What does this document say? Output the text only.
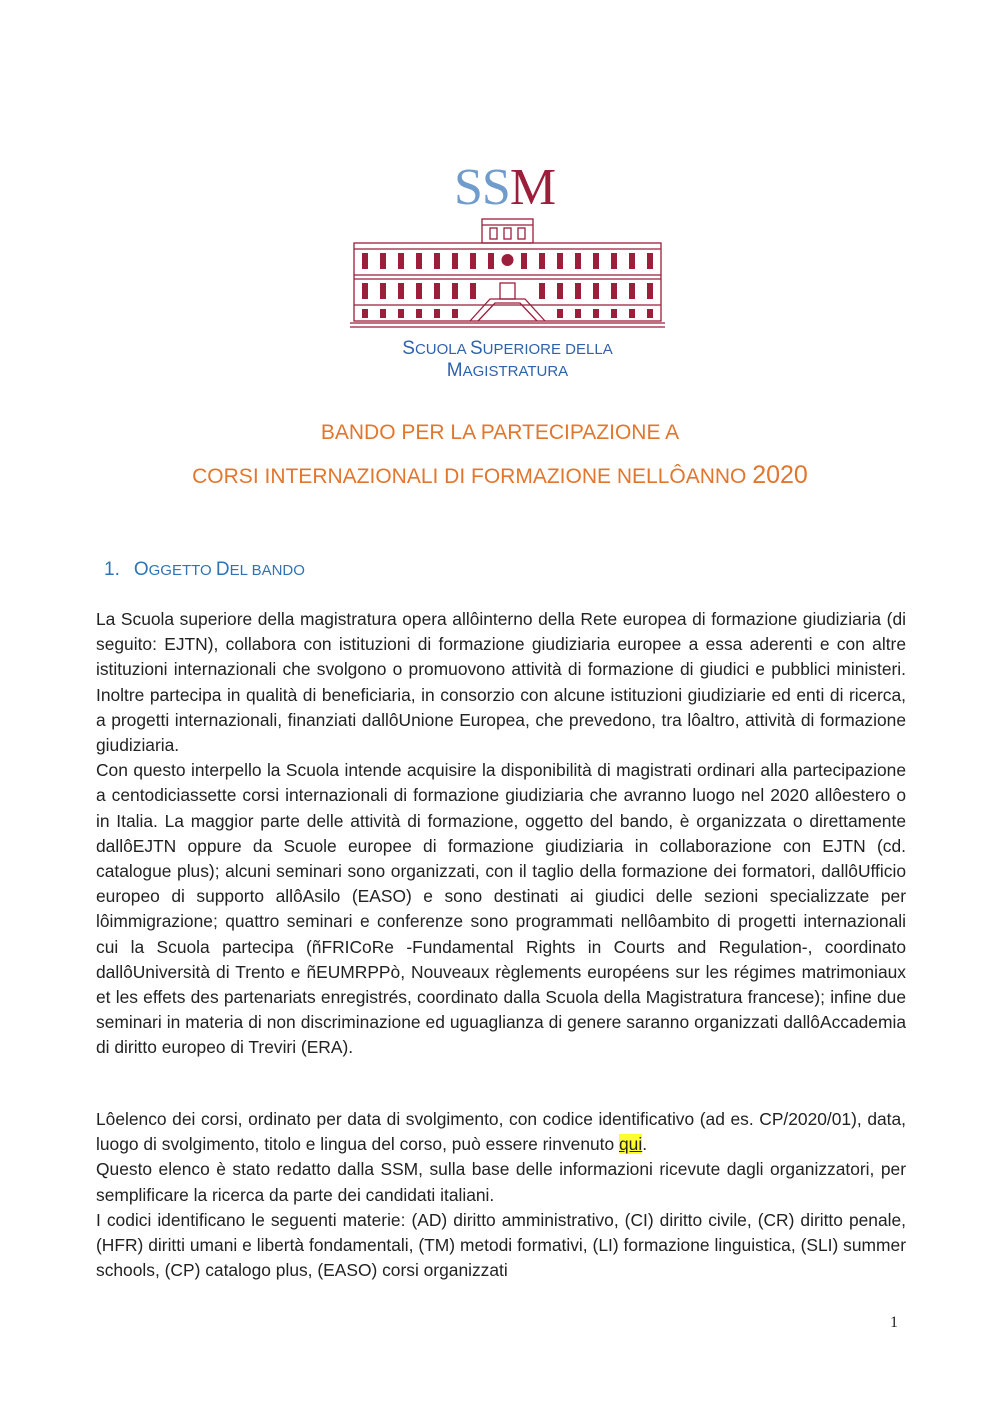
SSM
SCUOLA SUPERIORE DELLA MAGISTRATURA
BANDO PER LA PARTECIPAZIONE A
CORSI INTERNAZIONALI DI FORMAZIONE NELLÔANNO 2020
1. OGGETTO DEL BANDO

La Scuola superiore della magistratura opera allôinterno della Rete europea di formazione giudiziaria (di seguito: EJTN), collabora con istituzioni di formazione giudiziaria europee a essa aderenti e con altre istituzioni internazionali che svolgono o promuovono attività di formazione di giudici e pubblici ministeri. Inoltre partecipa in qualità di beneficiaria, in consorzio con alcune istituzioni giudiziarie ed enti di ricerca, a progetti internazionali, finanziati dallôUnione Europea, che prevedono, tra lôaltro, attività di formazione giudiziaria.

Con questo interpello la Scuola intende acquisire la disponibilità di magistrati ordinari alla partecipazione a centodiciassette corsi internazionali di formazione giudiziaria che avranno luogo nel 2020 allôestero o in Italia. La maggior parte delle attività di formazione, oggetto del bando, è organizzata o direttamente dallôEJTN oppure da Scuole europee di formazione giudiziaria in collaborazione con EJTN (cd. catalogue plus); alcuni seminari sono organizzati, con il taglio della formazione dei formatori, dallôUfficio europeo di supporto allôAsilo (EASO) e sono destinati ai giudici delle sezioni specializzate per lôimmigrazione; quattro seminari e conferenze sono programmati nellôambito di progetti internazionali cui la Scuola partecipa (ñFRICoRe -Fundamental Rights in Courts and Regulation-, coordinato dallôUniversità di Trento e ñEUMRPPò, Nouveaux règlements européens sur les régimes matrimoniaux et les effets des partenariats enregistrés, coordinato dalla Scuola della Magistratura francese); infine due seminari in materia di non discriminazione ed uguaglianza di genere saranno organizzati dallôAccademia di diritto europeo di Treviri (ERA).

Lôelenco dei corsi, ordinato per data di svolgimento, con codice identificativo (ad es. CP/2020/01), data, luogo di svolgimento, titolo e lingua del corso, può essere rinvenuto qui.

Questo elenco è stato redatto dalla SSM, sulla base delle informazioni ricevute dagli organizzatori, per semplificare la ricerca da parte dei candidati italiani.

I codici identificano le seguenti materie: (AD) diritto amministrativo, (CI) diritto civile, (CR) diritto penale, (HFR) diritti umani e libertà fondamentali, (TM) metodi formativi, (LI) formazione linguistica, (SLI) summer schools, (CP) catalogo plus, (EASO) corsi organizzati

1
